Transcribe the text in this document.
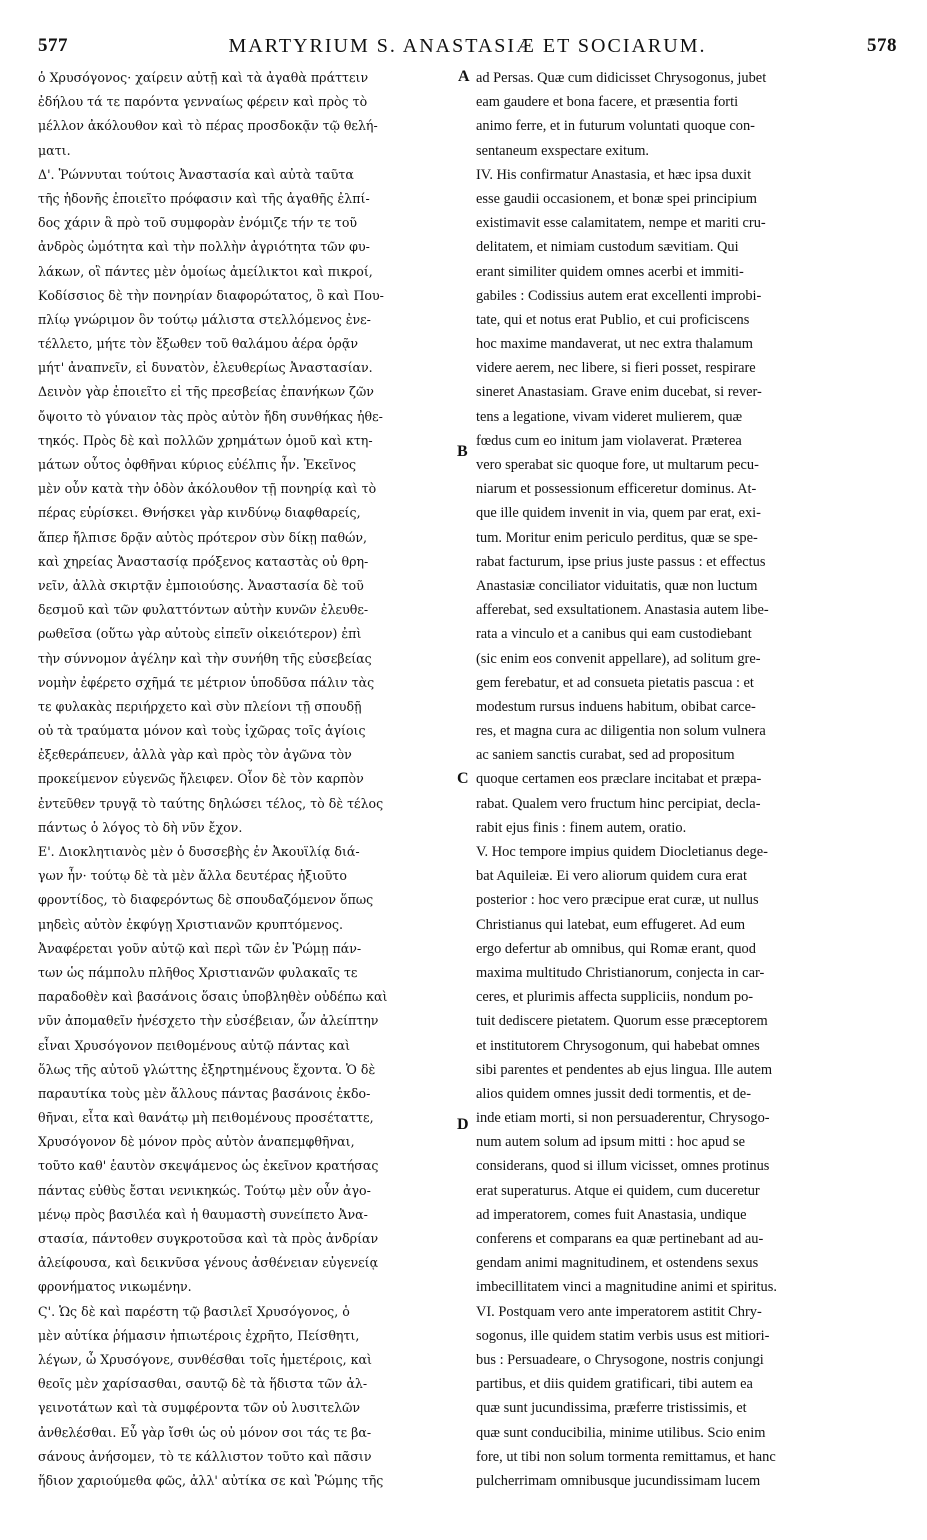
577	MARTYRIUM S. ANASTASIÆ ET SOCIARUM.	578
ὁ Χρυσόγονος· χαίρειν αὐτῇ καὶ τὰ ἀγαθὰ πράττειν
ἐδήλου τά τε παρόντα γενναίως φέρειν καὶ πρὸς τὸ
μέλλον ἀκόλουθον καὶ τὸ πέρας προσδοκᾷν τῷ θελή-
ματι.
Δ'. Ῥώννυται τούτοις Ἀναστασία καὶ αὐτὰ ταῦτα
τῆς ἡδονῆς ἐποιεῖτο πρόφασιν καὶ τῆς ἀγαθῆς ἐλπί-
δος χάριν ἃ πρὸ τοῦ συμφορὰν ἐνόμιζε τήν τε τοῦ
ἀνδρὸς ὠμότητα καὶ τὴν πολλὴν ἀγριότητα τῶν φυ-
λάκων, οἳ πάντες μὲν ὁμοίως ἀμείλικτοι καὶ πικροί,
Κοδίσσιος δὲ τὴν πονηρίαν διαφορώτατος, ὃ καὶ Που-
πλίῳ γνώριμον ὃν τούτῳ μάλιστα στελλόμενος ἐνε-
τέλλετο, μήτε τὸν ἔξωθεν τοῦ θαλάμου ἀέρα ὁρᾷν
μήτ' ἀναπνεῖν, εἰ δυνατὸν, ἐλευθερίως Ἀναστασίαν.
Δεινὸν γὰρ ἐποιεῖτο εἰ τῆς πρεσβείας ἐπανήκων ζῶν
ὄψοιτο τὸ γύναιον τὰς πρὸς αὐτὸν ἤδη συνθήκας ἠθε-
τηκός. Πρὸς δὲ καὶ πολλῶν χρημάτων ὁμοῦ καὶ κτη-
μάτων οὗτος ὀφθῆναι κύριος εὐέλπις ἦν. Ἐκεῖνος
μὲν οὖν κατὰ τὴν ὁδὸν ἀκόλουθον τῇ πονηρίᾳ καὶ τὸ
πέρας εὑρίσκει. Θνήσκει γὰρ κινδύνῳ διαφθαρείς,
ἅπερ ἤλπισε δρᾷν αὐτὸς πρότερον σὺν δίκῃ παθών,
καὶ χηρείας Ἀναστασίᾳ πρόξενος καταστὰς οὐ θρη-
νεῖν, ἀλλὰ σκιρτᾷν ἐμποιούσης. Ἀναστασία δὲ τοῦ
δεσμοῦ καὶ τῶν φυλαττόντων αὐτὴν κυνῶν ἐλευθε-
ρωθεῖσα (οὕτω γὰρ αὐτοὺς εἰπεῖν οἰκειότερον) ἐπὶ
τὴν σύννομον ἀγέλην καὶ τὴν συνήθη τῆς εὐσεβείας
νομὴν ἐφέρετο σχῆμά τε μέτριον ὑποδῦσα πάλιν τὰς
τε φυλακὰς περιήρχετο καὶ σὺν πλείονι τῇ σπουδῇ
οὐ τὰ τραύματα μόνον καὶ τοὺς ἰχῶρας τοῖς ἁγίοις
ἐξεθεράπευεν, ἀλλὰ γὰρ καὶ πρὸς τὸν ἀγῶνα τὸν
προκείμενον εὐγενῶς ἤλειφεν. Οἷον δὲ τὸν καρπὸν
ἐντεῦθεν τρυγᾷ τὸ ταύτης δηλώσει τέλος, τὸ δὲ τέλος
πάντως ὁ λόγος τὸ δὴ νῦν ἔχον.
Ε'. Διοκλητιανὸς μὲν ὁ δυσσεβὴς ἐν Ἀκουϊλίᾳ διά-
γων ἦν· τούτῳ δὲ τὰ μὲν ἄλλα δευτέρας ἠξιοῦτο
φροντίδος, τὸ διαφερόντως δὲ σπουδαζόμενον ὅπως
μηδεὶς αὐτὸν ἐκφύγῃ Χριστιανῶν κρυπτόμενος.
Ἀναφέρεται γοῦν αὐτῷ καὶ περὶ τῶν ἐν Ῥώμῃ πάν-
των ὡς πάμπολυ πλῆθος Χριστιανῶν φυλακαῖς τε
παραδοθὲν καὶ βασάνοις ὅσαις ὑποβληθὲν οὐδέπω καὶ
νῦν ἀπομαθεῖν ἠνέσχετο τὴν εὐσέβειαν, ὧν ἀλείπτην
εἶναι Χρυσόγονον πειθομένους αὐτῷ πάντας καὶ
ὅλως τῆς αὐτοῦ γλώττης ἐξηρτημένους ἔχοντα. Ὁ δὲ
παραυτίκα τοὺς μὲν ἄλλους πάντας βασάνοις ἐκδο-
θῆναι, εἶτα καὶ θανάτῳ μὴ πειθομένους προσέταττε,
Χρυσόγονον δὲ μόνον πρὸς αὐτὸν ἀναπεμφθῆναι,
τοῦτο καθ' ἑαυτὸν σκεψάμενος ὡς ἐκεῖνον κρατήσας
πάντας εὐθὺς ἔσται νενικηκώς. Τούτῳ μὲν οὖν ἀγο-
μένῳ πρὸς βασιλέα καὶ ἡ θαυμαστὴ συνείπετο Ἀνα-
στασία, πάντοθεν συγκροτοῦσα καὶ τὰ πρὸς ἀνδρίαν
ἀλείφουσα, καὶ δεικνῦσα γένους ἀσθένειαν εὐγενείᾳ
φρονήματος νικωμένην.
Ϛ'. Ὡς δὲ καὶ παρέστη τῷ βασιλεῖ Χρυσόγονος, ὁ
μὲν αὐτίκα ῥήμασιν ἠπιωτέροις ἐχρῆτο, Πείσθητι,
λέγων, ὦ Χρυσόγονε, συνθέσθαι τοῖς ἡμετέροις, καὶ
θεοῖς μὲν χαρίσασθαι, σαυτῷ δὲ τὰ ἥδιστα τῶν ἀλ-
γεινοτάτων καὶ τὰ συμφέροντα τῶν οὐ λυσιτελῶν
ἀνθελέσθαι. Εὖ γὰρ ἴσθι ὡς οὐ μόνον σοι τάς τε βα-
σάνους ἀνήσομεν, τὸ τε κάλλιστον τοῦτο καὶ πᾶσιν
ἥδιον χαριούμεθα φῶς, ἀλλ' αὐτίκα σε καὶ Ῥώμης τῆς
A
B
C
D
ad Persas. Quæ cum didicisset Chrysogonus, jubet
eam gaudere et bona facere, et præsentia forti
animo ferre, et in futurum voluntati quoque con-
sentaneum exspectare exitum.
IV. His confirmatur Anastasia, et hæc ipsa duxit
esse gaudii occasionem, et bonæ spei principium
existimavit esse calamitatem, nempe et mariti cru-
delitatem, et nimiam custodum sævitiam. Qui
erant similiter quidem omnes acerbi et immiti-
gabiles : Codissius autem erat excellenti improbi-
tate, qui et notus erat Publio, et cui proficiscens
hoc maxime mandaverat, ut nec extra thalamum
videre aerem, nec libere, si fieri posset, respirare
sineret Anastasiam. Grave enim ducebat, si rever-
tens a legatione, vivam videret mulierem, quæ
fœdus cum eo initum jam violaverat. Præterea
vero sperabat sic quoque fore, ut multarum pecu-
niarum et possessionum efficeretur dominus. At-
que ille quidem invenit in via, quem par erat, exi-
tum. Moritur enim periculo perditus, quæ se spe-
rabat facturum, ipse prius juste passus : et effectus
Anastasiæ conciliator viduitatis, quæ non luctum
afferebat, sed exsultationem. Anastasia autem libe-
rata a vinculo et a canibus qui eam custodiebant
(sic enim eos convenit appellare), ad solitum gre-
gem ferebatur, et ad consueta pietatis pascua : et
modestum rursus induens habitum, obibat carce-
res, et magna cura ac diligentia non solum vulnera
ac saniem sanctis curabat, sed ad propositum
quoque certamen eos præclare incitabat et præpa-
rabat. Qualem vero fructum hinc percipiat, decla-
rabit ejus finis : finem autem, oratio.
V. Hoc tempore impius quidem Diocletianus dege-
bat Aquileiæ. Ei vero aliorum quidem cura erat
posterior : hoc vero præcipue erat curæ, ut nullus
Christianus qui latebat, eum effugeret. Ad eum
ergo defertur ab omnibus, qui Romæ erant, quod
maxima multitudo Christianorum, conjecta in car-
ceres, et plurimis affecta suppliciis, nondum po-
tuit dediscere pietatem. Quorum esse præceptorem
et institutorem Chrysogonum, qui habebat omnes
sibi parentes et pendentes ab ejus lingua. Ille autem
alios quidem omnes jussit dedi tormentis, et de-
inde etiam morti, si non persuaderentur, Chrysogo-
num autem solum ad ipsum mitti : hoc apud se
considerans, quod si illum vicisset, omnes protinus
erat superaturus. Atque ei quidem, cum duceretur
ad imperatorem, comes fuit Anastasia, undique
conferens et comparans ea quæ pertinebant ad au-
gendam animi magnitudinem, et ostendens sexus
imbecillitatem vinci a magnitudine animi et spiritus.
VI. Postquam vero ante imperatorem astitit Chry-
sogonus, ille quidem statim verbis usus est mitiori-
bus : Persuadeare, o Chrysogone, nostris conjungi
partibus, et diis quidem gratificari, tibi autem ea
quæ sunt jucundissima, præferre tristissimis, et
quæ sunt conducibilia, minime utilibus. Scio enim
fore, ut tibi non solum tormenta remittamus, et hanc
pulcherrimam omnibusque jucundissimam lucem
